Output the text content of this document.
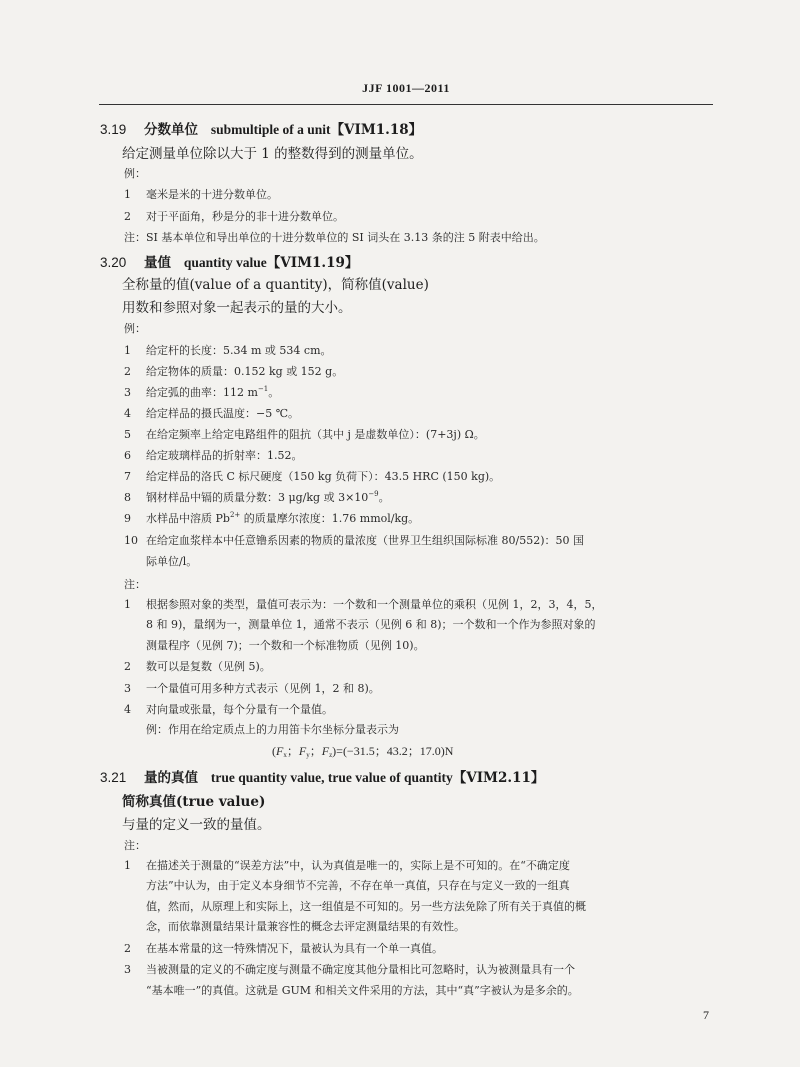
JJF 1001—2011
3.19 分数单位 submultiple of a unit【VIM1.18】
给定测量单位除以大于 1 的整数得到的测量单位。
例：
1 毫米是米的十进分数单位。
2 对于平面角，秒是分的非十进分数单位。
注：SI 基本单位和导出单位的十进分数单位的 SI 词头在 3.13 条的注 5 附表中给出。
3.20 量值 quantity value【VIM1.19】
全称量的值(value of a quantity)，简称值(value)
用数和参照对象一起表示的量的大小。
例：
1 给定杆的长度：5.34 m 或 534 cm。
2 给定物体的质量：0.152 kg 或 152 g。
3 给定弧的曲率：112 $m^{-1}$。
4 给定样品的摄氏温度：−5 ℃。
5 在给定频率上给定电路组件的阻抗（其中 j 是虚数单位）：(7+3j) Ω。
6 给定玻璃样品的折射率：1.52。
7 给定样品的洛氏 C 标尺硬度（150 kg 负荷下）：43.5 HRC (150 kg)。
8 钢材样品中镉的质量分数：3 μg/kg 或 $3\times 10^{-9}$。
9 水样品中溶质 $Pb^{2+}$ 的质量摩尔浓度：1.76 mmol/kg。
10 在给定血浆样本中任意镥系因素的物质的量浓度（世界卫生组织国际标准 80/552)：50 国
际单位/l。
注：
1 根据参照对象的类型，量值可表示为：一个数和一个测量单位的乘积（见例 1，2，3，4，5，
8 和 9)，量纲为一，测量单位 1，通常不表示（见例 6 和 8)；一个数和一个作为参照对象的
测量程序（见例 7)；一个数和一个标准物质（见例 10)。
2 数可以是复数（见例 5)。
3 一个量值可用多种方式表示（见例 1，2 和 8)。
4 对向量或张量，每个分量有一个量值。
例：作用在给定质点上的力用笛卡尔坐标分量表示为
($F_x$；$F_y$；$F_z)=(-31.5$；43.2；17.0)N
3.21 量的真值 true quantity value, true value of quantity【VIM2.11】
简称真值(true value)
与量的定义一致的量值。
注：
1 在描述关于测量的“误差方法”中，认为真值是唯一的，实际上是不可知的。在“不确定度
方法”中认为，由于定义本身细节不完善，不存在单一真值，只存在与定义一致的一组真
值，然而，从原理上和实际上，这一组值是不可知的。另一些方法免除了所有关于真值的概
念，而依靠测量结果计量兼容性的概念去评定测量结果的有效性。
2 在基本常量的这一特殊情况下，量被认为具有一个单一真值。
3 当被测量的定义的不确定度与测量不确定度其他分量相比可忽略时，认为被测量具有一个
“基本唯一”的真值。这就是 GUM 和相关文件采用的方法，其中“真”字被认为是多余的。
7
